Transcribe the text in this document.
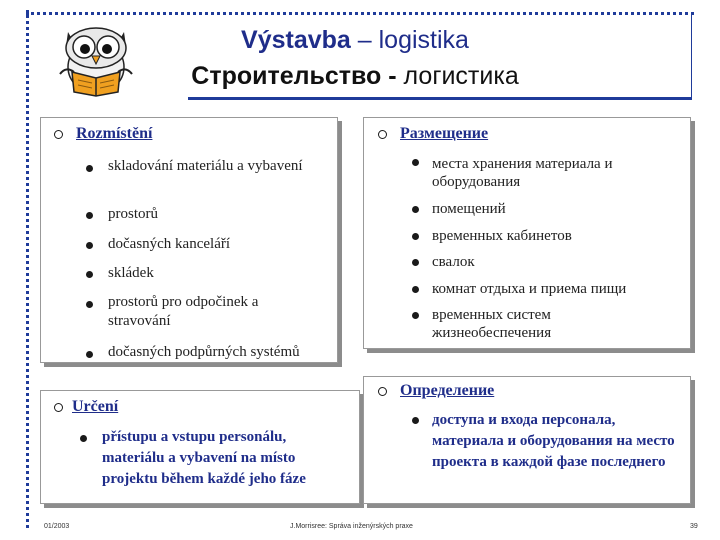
Výstavba – logistika
Строительство - логистика
Rozmístění
skladování materiálu a vybavení
prostorů
dočasných kanceláří
skládek
prostorů pro odpočinek a stravování
dočasných podpůrných systémů
Размещение
места хранения материала и оборудования
помещений
временных кабинетов
свалок
комнат отдыха и приема пищи
временных систем жизнеобеспечения
Určení
přístupu a vstupu personálu, materiálu a vybavení na místo projektu během každé jeho fáze
Определение
доступа и входа персонала, материала и оборудования на место проекта в каждой фазе последнего
01/2003	J.Morrisree: Správa inženýrských praxe	39
